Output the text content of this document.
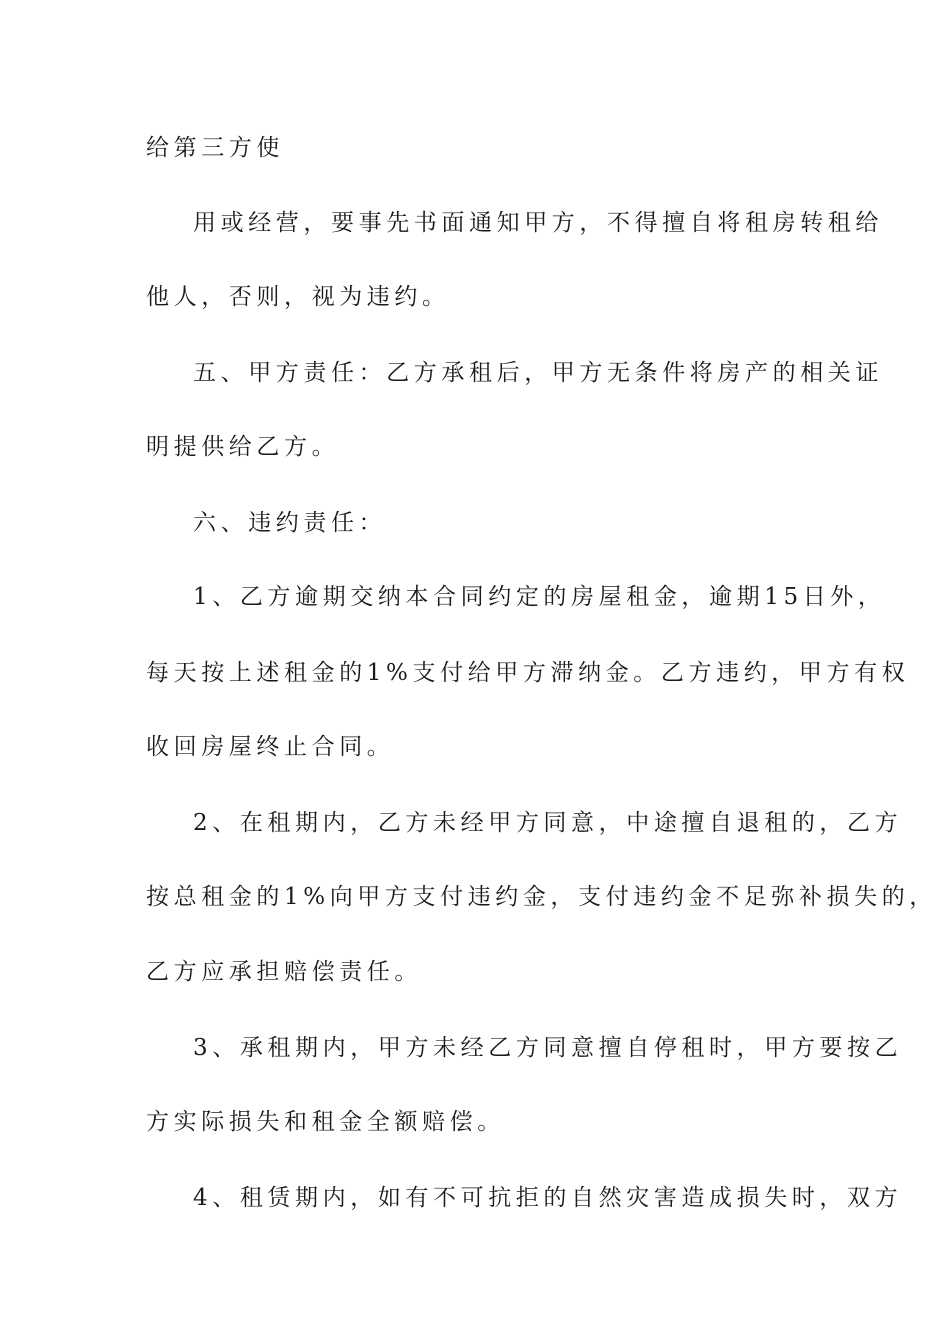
给第三方使
用或经营，要事先书面通知甲方，不得擅自将租房转租给
他人，否则，视为违约。
五、甲方责任：乙方承租后，甲方无条件将房产的相关证
明提供给乙方。
六、违约责任：
1、乙方逾期交纳本合同约定的房屋租金，逾期15日外，
每天按上述租金的1%支付给甲方滞纳金。乙方违约，甲方有权
收回房屋终止合同。
2、在租期内，乙方未经甲方同意，中途擅自退租的，乙方
按总租金的1%向甲方支付违约金，支付违约金不足弥补损失的，
乙方应承担赔偿责任。
3、承租期内，甲方未经乙方同意擅自停租时，甲方要按乙
方实际损失和租金全额赔偿。
4、租赁期内，如有不可抗拒的自然灾害造成损失时，双方
